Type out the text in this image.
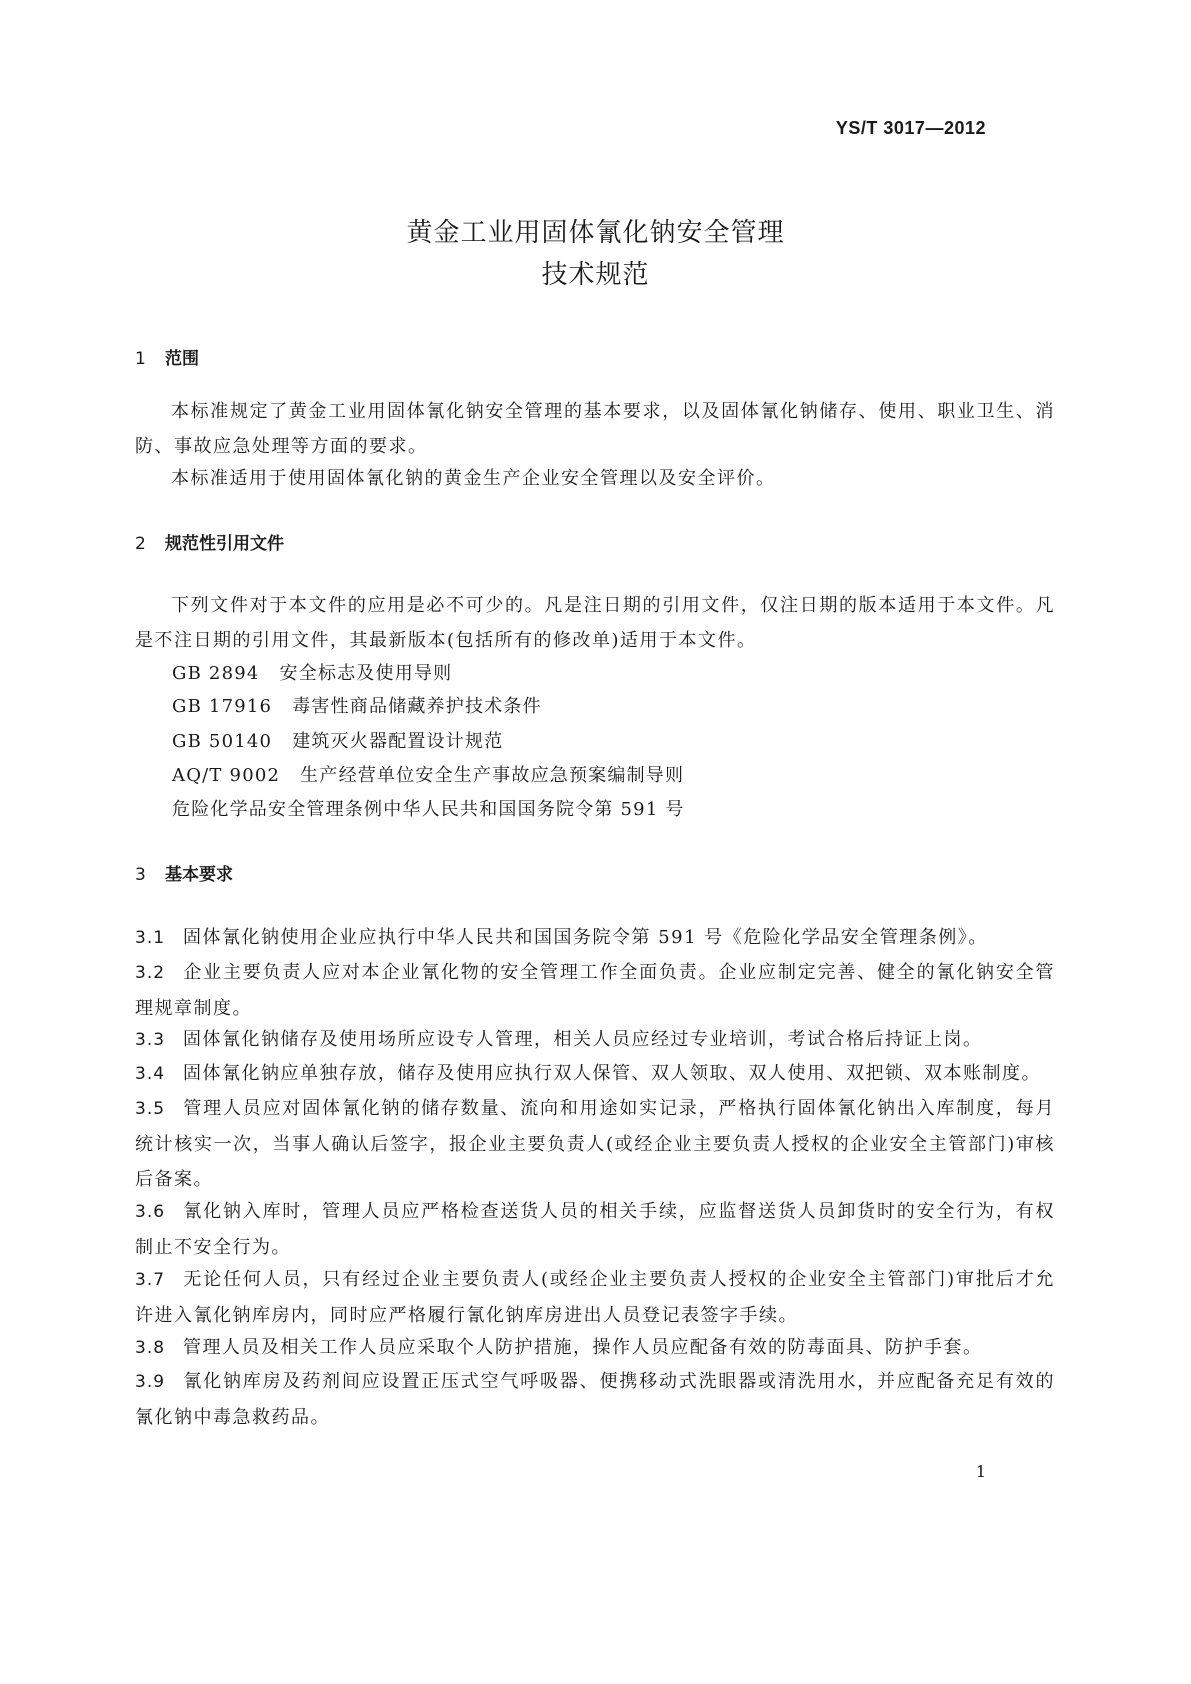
YS/T 3017—2012
黄金工业用固体氰化钠安全管理
技术规范
1 范围
本标准规定了黄金工业用固体氰化钠安全管理的基本要求，以及固体氰化钠储存、使用、职业卫生、消防、事故应急处理等方面的要求。
本标准适用于使用固体氰化钠的黄金生产企业安全管理以及安全评价。
2 规范性引用文件
下列文件对于本文件的应用是必不可少的。凡是注日期的引用文件，仅注日期的版本适用于本文件。凡是不注日期的引用文件，其最新版本(包括所有的修改单)适用于本文件。
GB 2894 安全标志及使用导则
GB 17916 毒害性商品储藏养护技术条件
GB 50140 建筑灭火器配置设计规范
AQ/T 9002 生产经营单位安全生产事故应急预案编制导则
危险化学品安全管理条例中华人民共和国国务院令第 591 号
3 基本要求
3.1 固体氰化钠使用企业应执行中华人民共和国国务院令第 591 号《危险化学品安全管理条例》。
3.2 企业主要负责人应对本企业氰化物的安全管理工作全面负责。企业应制定完善、健全的氰化钠安全管理规章制度。
3.3 固体氰化钠储存及使用场所应设专人管理，相关人员应经过专业培训，考试合格后持证上岗。
3.4 固体氰化钠应单独存放，储存及使用应执行双人保管、双人领取、双人使用、双把锁、双本账制度。
3.5 管理人员应对固体氰化钠的储存数量、流向和用途如实记录，严格执行固体氰化钠出入库制度，每月统计核实一次，当事人确认后签字，报企业主要负责人(或经企业主要负责人授权的企业安全主管部门)审核后备案。
3.6 氰化钠入库时，管理人员应严格检查送货人员的相关手续，应监督送货人员卸货时的安全行为，有权制止不安全行为。
3.7 无论任何人员，只有经过企业主要负责人(或经企业主要负责人授权的企业安全主管部门)审批后才允许进入氰化钠库房内，同时应严格履行氰化钠库房进出人员登记表签字手续。
3.8 管理人员及相关工作人员应采取个人防护措施，操作人员应配备有效的防毒面具、防护手套。
3.9 氰化钠库房及药剂间应设置正压式空气呼吸器、便携移动式洗眼器或清洗用水，并应配备充足有效的氰化钠中毒急救药品。
1
